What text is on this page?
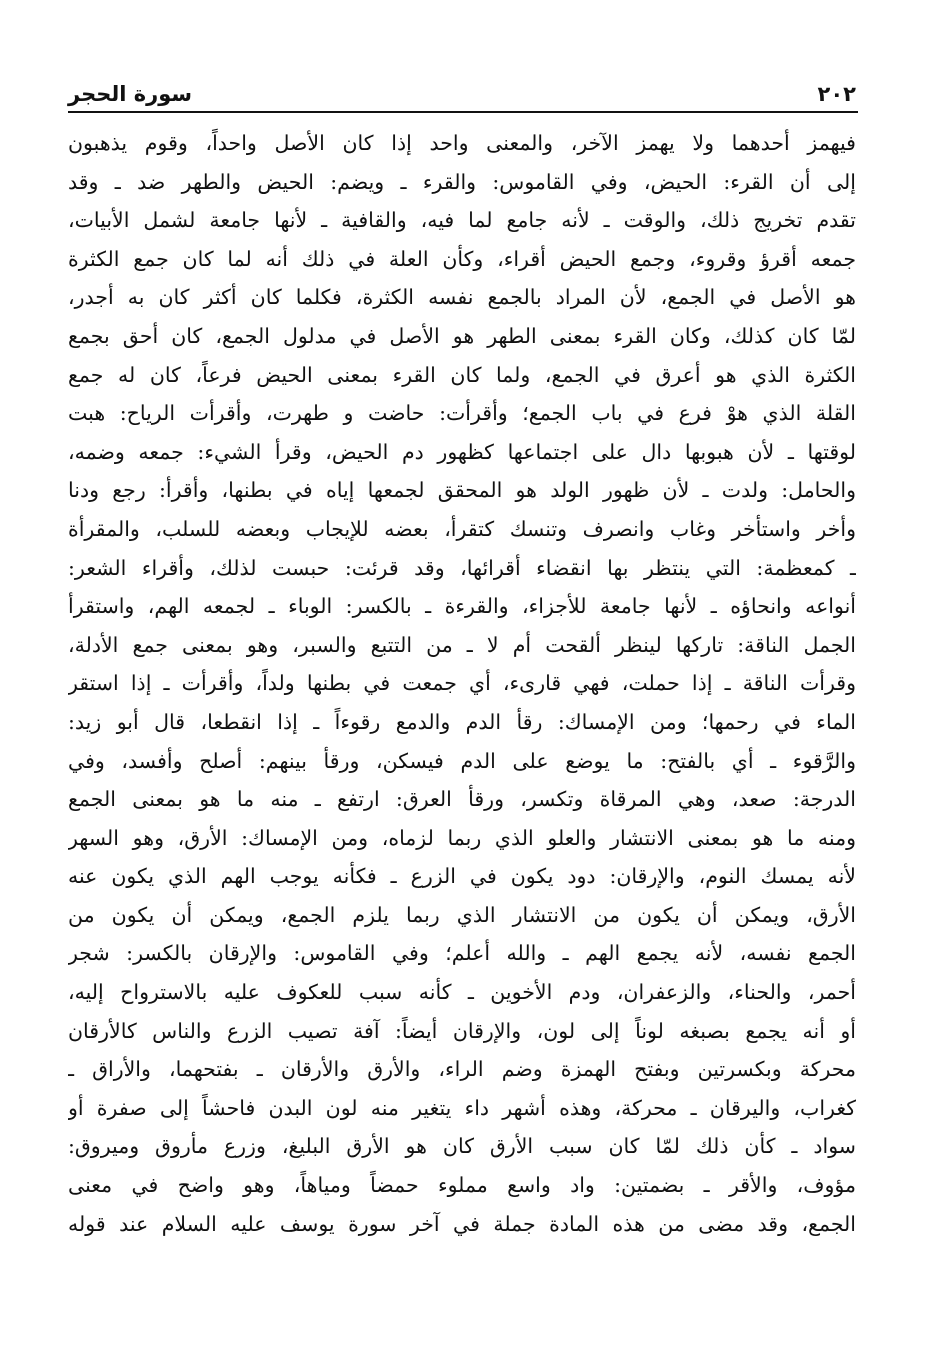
٢٠٢
سورة الحجر
فيهمز أحدهما ولا يهمز الآخر، والمعنى واحد إذا كان الأصل واحداً، وقوم يذهبون
إلى أن القرء: الحيض، وفي القاموس: والقرء ـ ويضم: الحيض والطهر ضد ـ وقد
تقدم تخريج ذلك، والوقت ـ لأنه جامع لما فيه، والقافية ـ لأنها جامعة لشمل الأبيات،
جمعه أقرؤ وقروء، وجمع الحيض أقراء، وكأن العلة في ذلك أنه لما كان جمع الكثرة
هو الأصل في الجمع، لأن المراد بالجمع نفسه الكثرة، فكلما كان أكثر كان به أجدر،
لمّا كان كذلك، وكان القرء بمعنى الطهر هو الأصل في مدلول الجمع، كان أحق بجمع
الكثرة الذي هو أعرق في الجمع، ولما كان القرء بمعنى الحيض فرعاً، كان له جمع
القلة الذي هوْ فرع في باب الجمع؛ وأقرأت: حاضت و طهرت، وأقرأت الرياح: هبت
لوقتها ـ لأن هبوبها دال على اجتماعها كظهور دم الحيض، وقرأ الشيء: جمعه وضمه،
والحامل: ولدت ـ لأن ظهور الولد هو المحقق لجمعها إياه في بطنها، وأقرأ: رجع ودنا
وأخر واستأخر وغاب وانصرف وتنسك كتقرأ، بعضه للإيجاب وبعضه للسلب، والمقرأة
ـ كمعظمة: التي ينتظر بها انقضاء أقرائها، وقد قرئت: حبست لذلك، وأقراء الشعر:
أنواعه وانحاؤه ـ لأنها جامعة للأجزاء، والقرءة ـ بالكسر: الوباء ـ لجمعه الهم، واستقرأ
الجمل الناقة: تاركها لينظر ألقحت أم لا ـ من التتبع والسبر، وهو بمعنى جمع الأدلة،
وقرأت الناقة ـ إذا حملت، فهي قارىء، أي جمعت في بطنها ولداً، وأقرأت ـ إذا استقر
الماء في رحمها؛ ومن الإمساك: رقأ الدم والدمع رقوءاً ـ إذا انقطعا، قال أبو زيد:
والرَّقوء ـ أي بالفتح: ما يوضع على الدم فيسكن، ورقأ بينهم: أصلح وأفسد، وفي
الدرجة: صعد، وهي المرقاة وتكسر، ورقأ العرق: ارتفع ـ منه ما هو بمعنى الجمع
ومنه ما هو بمعنى الانتشار والعلو الذي ربما لزماه، ومن الإمساك: الأرق، وهو السهر
لأنه يمسك النوم، والإرقان: دود يكون في الزرع ـ فكأنه يوجب الهم الذي يكون عنه
الأرق، ويمكن أن يكون من الانتشار الذي ربما يلزم الجمع، ويمكن أن يكون من
الجمع نفسه، لأنه يجمع الهم ـ والله أعلم؛ وفي القاموس: والإرقان بالكسر: شجر
أحمر، والحناء، والزعفران، ودم الأخوين ـ كأنه سبب للعكوف عليه بالاسترواح إليه،
أو أنه يجمع بصبغه لوناً إلى لون، والإرقان أيضاً: آفة تصيب الزرع والناس كالأرقان
محركة وبكسرتين وبفتح الهمزة وضم الراء، والأرق والأرقان ـ بفتحهما، والأراق ـ
كغراب، واليرقان ـ محركة، وهذه أشهر داء يتغير منه لون البدن فاحشاً إلى صفرة أو
سواد ـ كأن ذلك لمّا كان سبب الأرق كان هو الأرق البليغ، وزرع مأروق وميروق:
مؤوف، والأقر ـ بضمتين: واد واسع مملوء حمضاً ومياهاً، وهو واضح في معنى
الجمع، وقد مضى من هذه المادة جملة في آخر سورة يوسف عليه السلام عند قوله
